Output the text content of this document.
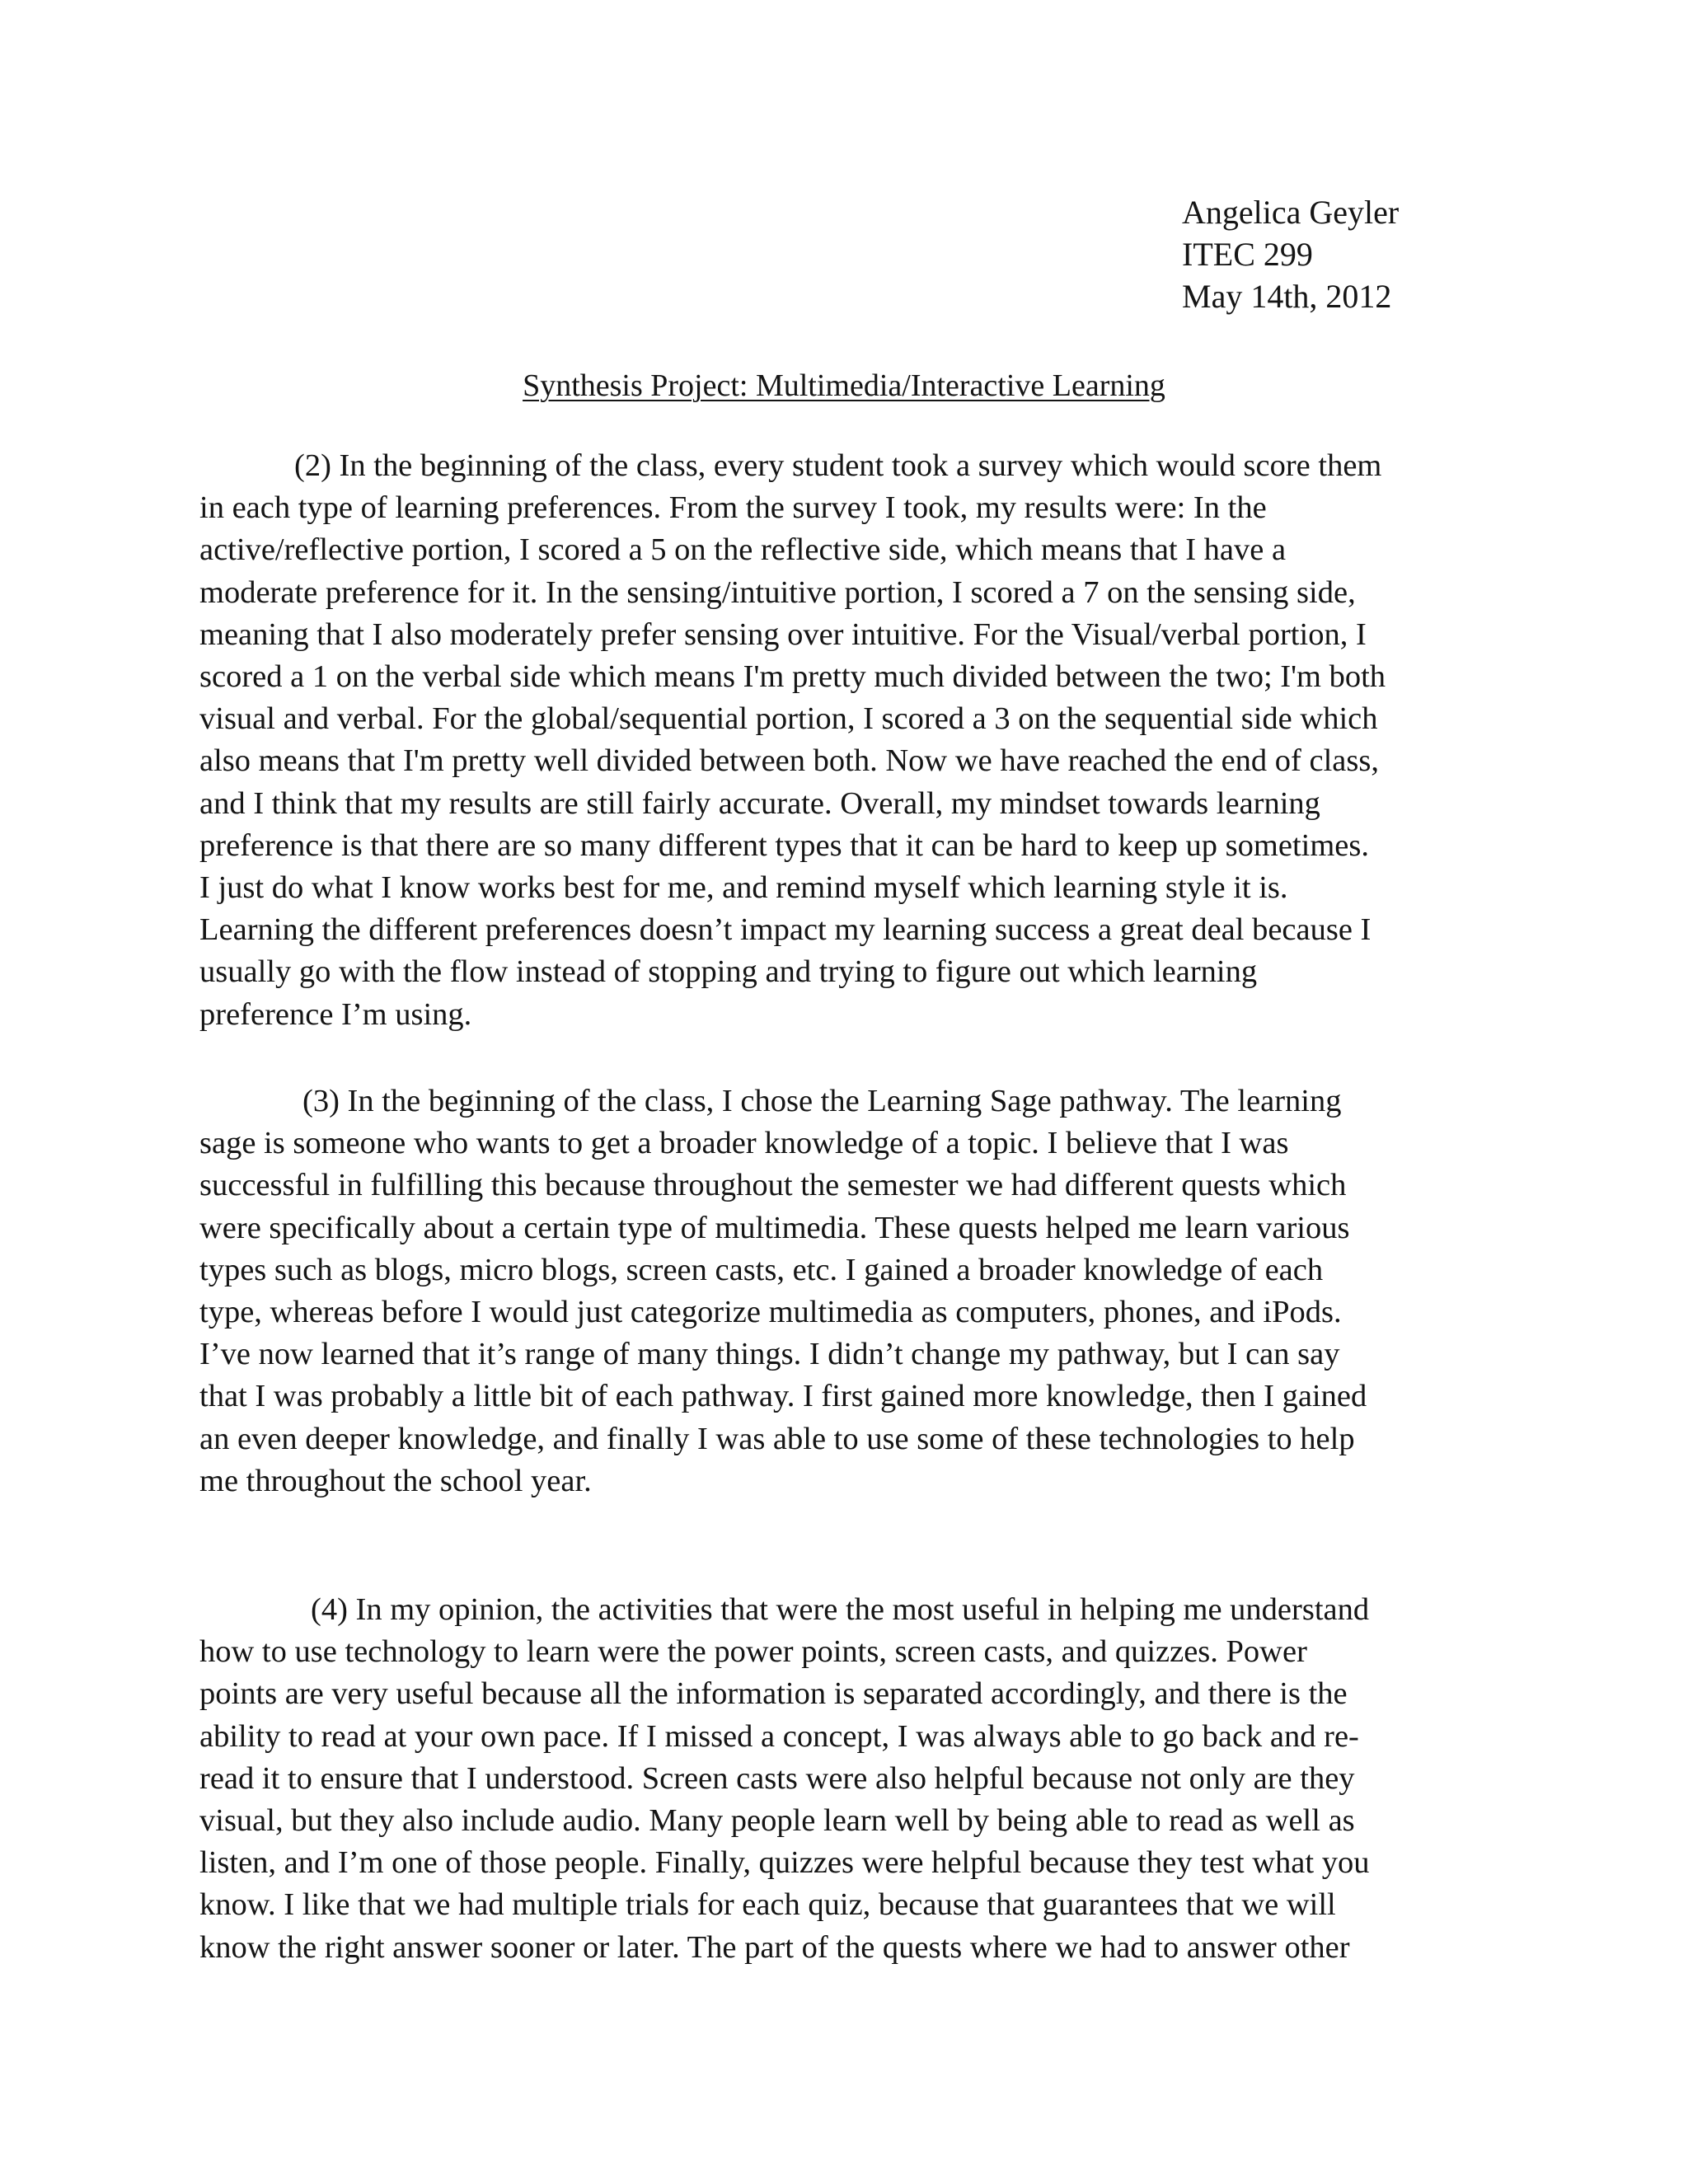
Angelica Geyler
ITEC 299
May 14th, 2012
Synthesis Project: Multimedia/Interactive Learning

(2) In the beginning of the class, every student took a survey which would score them
in each type of learning preferences. From the survey I took, my results were: In the
active/reflective portion, I scored a 5 on the reflective side, which means that I have a
moderate preference for it. In the sensing/intuitive portion, I scored a 7 on the sensing side,
meaning that I also moderately prefer sensing over intuitive. For the Visual/verbal portion, I
scored a 1 on the verbal side which means I'm pretty much divided between the two; I'm both
visual and verbal. For the global/sequential portion, I scored a 3 on the sequential side which
also means that I'm pretty well divided between both. Now we have reached the end of class,
and I think that my results are still fairly accurate. Overall, my mindset towards learning
preference is that there are so many different types that it can be hard to keep up sometimes.
I just do what I know works best for me, and remind myself which learning style it is.
Learning the different preferences doesn’t impact my learning success a great deal because I
usually go with the flow instead of stopping and trying to figure out which learning
preference I’m using.

(3) In the beginning of the class, I chose the Learning Sage pathway. The learning
sage is someone who wants to get a broader knowledge of a topic. I believe that I was
successful in fulfilling this because throughout the semester we had different quests which
were specifically about a certain type of multimedia. These quests helped me learn various
types such as blogs, micro blogs, screen casts, etc. I gained a broader knowledge of each
type, whereas before I would just categorize multimedia as computers, phones, and iPods.
I’ve now learned that it’s range of many things. I didn’t change my pathway, but I can say
that I was probably a little bit of each pathway. I first gained more knowledge, then I gained
an even deeper knowledge, and finally I was able to use some of these technologies to help
me throughout the school year.

(4) In my opinion, the activities that were the most useful in helping me understand
how to use technology to learn were the power points, screen casts, and quizzes. Power
points are very useful because all the information is separated accordingly, and there is the
ability to read at your own pace. If I missed a concept, I was always able to go back and re-
read it to ensure that I understood. Screen casts were also helpful because not only are they
visual, but they also include audio. Many people learn well by being able to read as well as
listen, and I’m one of those people. Finally, quizzes were helpful because they test what you
know. I like that we had multiple trials for each quiz, because that guarantees that we will
know the right answer sooner or later. The part of the quests where we had to answer other
